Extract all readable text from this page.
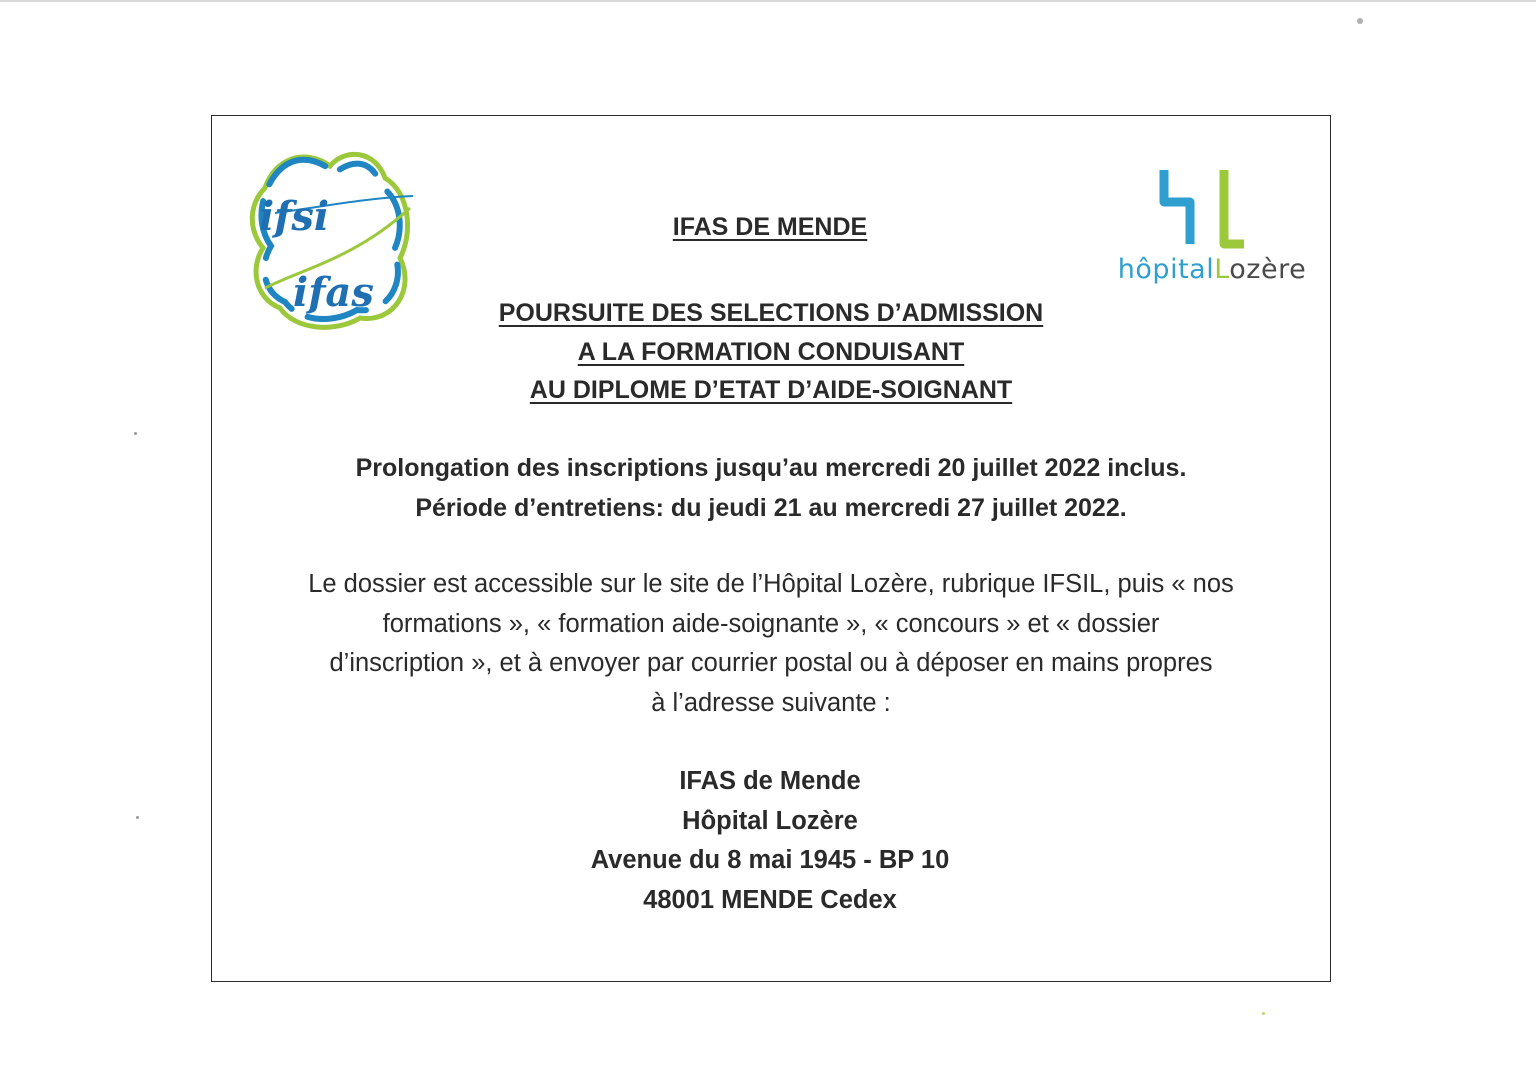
ifsi
ifas	hôpitalLozère
IFAS DE MENDE
POURSUITE DES SELECTIONS D’ADMISSION
A LA FORMATION CONDUISANT
AU DIPLOME D’ETAT D’AIDE-SOIGNANT
Prolongation des inscriptions jusqu’au mercredi 20 juillet 2022 inclus.
Période d’entretiens: du jeudi 21 au mercredi 27 juillet 2022.
Le dossier est accessible sur le site de l’Hôpital Lozère, rubrique IFSIL, puis « nos
formations », « formation aide-soignante », « concours » et « dossier
d’inscription », et à envoyer par courrier postal ou à déposer en mains propres
à l’adresse suivante :
IFAS de Mende
Hôpital Lozère
Avenue du 8 mai 1945 - BP 10
48001 MENDE Cedex
